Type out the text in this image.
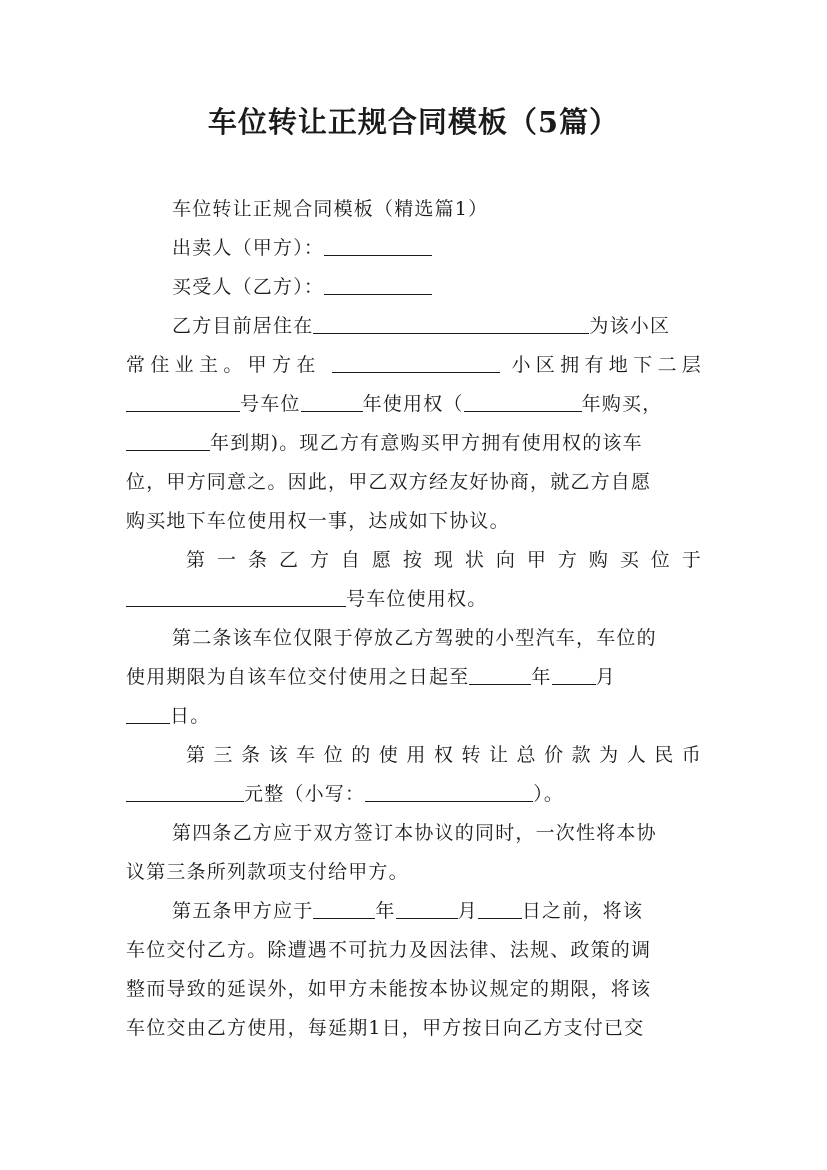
车位转让正规合同模板（5篇）

车位转让正规合同模板（精选篇1）

出卖人（甲方）：

买受人（乙方）：

乙方目前居住在	为该小区

常住业主。甲方在	小区拥有地下二层

号车位	年使用权（	年购买，

年到期)。现乙方有意购买甲方拥有使用权的该车

位，甲方同意之。因此，甲乙双方经友好协商，就乙方自愿

购买地下车位使用权一事，达成如下协议。

第一条乙方自愿按现状向甲方购买位于

号车位使用权。

第二条该车位仅限于停放乙方驾驶的小型汽车，车位的

使用期限为自该车位交付使用之日起至	年 月

日。

第三条该车位的使用权转让总价款为人民币

元整（小写：	）。

第四条乙方应于双方签订本协议的同时，一次性将本协

议第三条所列款项支付给甲方。

第五条甲方应于	年	月 日之前，将该

车位交付乙方。除遭遇不可抗力及因法律、法规、政策的调

整而导致的延误外，如甲方未能按本协议规定的期限，将该

车位交由乙方使用，每延期1日，甲方按日向乙方支付已交
